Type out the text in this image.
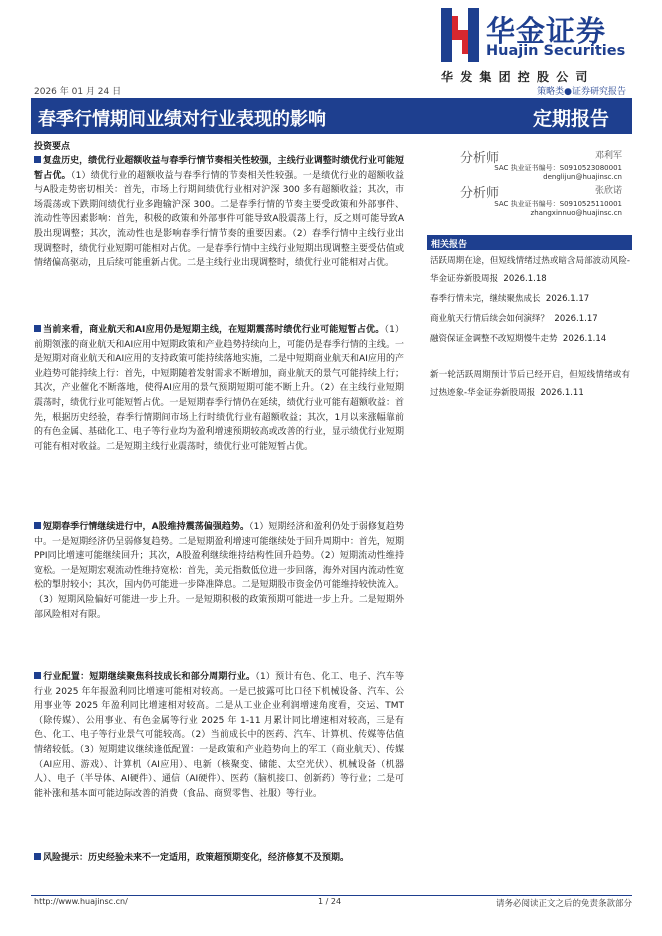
华金证券
Huajin Securities
华发集团控股公司
2026 年 01 月 24 日	策略类●证券研究报告
春季行情期间业绩对行业表现的影响	定期报告
投资要点
复盘历史，绩优行业超额收益与春季行情节奏相关性较强，主线行业调整时绩优行业可能短暂占优。（1）绩优行业的超额收益与春季行情的节奏相关性较强。一是绩优行业的超额收益与A股走势密切相关：首先，市场上行期间绩优行业相对沪深 300 多有超额收益；其次，市场震荡或下跌期间绩优行业多跑输沪深 300。二是春季行情的节奏主要受政策和外部事件、流动性等因素影响：首先，积极的政策和外部事件可能导致A股震荡上行，反之则可能导致A股出现调整；其次，流动性也是影响春季行情节奏的重要因素。（2）春季行情中主线行业出现调整时，绩优行业短期可能相对占优。一是春季行情中主线行业短期出现调整主要受估值或情绪偏高驱动，且后续可能重新占优。二是主线行业出现调整时，绩优行业可能相对占优。
当前来看，商业航天和AI应用仍是短期主线，在短期震荡时绩优行业可能短暂占优。（1）前期领涨的商业航天和AI应用中短期政策和产业趋势持续向上，可能仍是春季行情的主线。一是短期对商业航天和AI应用的支持政策可能持续落地实施，二是中短期商业航天和AI应用的产业趋势可能持续上行：首先，中短期随着发射需求不断增加，商业航天的景气可能持续上行；其次，产业催化不断落地，使得AI应用的景气预期短期可能不断上升。（2）在主线行业短期震荡时，绩优行业可能短暂占优。一是短期春季行情仍在延续，绩优行业可能有超额收益：首先，根据历史经验，春季行情期间市场上行时绩优行业有超额收益；其次，1月以来涨幅靠前的有色金属、基础化工、电子等行业均为盈利增速预期较高或改善的行业，显示绩优行业短期可能有相对收益。二是短期主线行业震荡时，绩优行业可能短暂占优。
短期春季行情继续进行中，A股维持震荡偏强趋势。（1）短期经济和盈利仍处于弱修复趋势中。一是短期经济仍呈弱修复趋势。二是短期盈利增速可能继续处于回升周期中：首先，短期PPI同比增速可能继续回升；其次，A股盈利继续维持结构性回升趋势。（2）短期流动性维持宽松。一是短期宏观流动性维持宽松：首先，美元指数低位进一步回落，海外对国内流动性宽松的掣肘较小；其次，国内仍可能进一步降准降息。二是短期股市资金仍可能维持较快流入。（3）短期风险偏好可能进一步上升。一是短期积极的政策预期可能进一步上升。二是短期外部风险相对有限。
行业配置：短期继续聚焦科技成长和部分周期行业。（1）预计有色、化工、电子、汽车等行业 2025 年年报盈利同比增速可能相对较高。一是已披露可比口径下机械设备、汽车、公用事业等 2025 年盈利同比增速相对较高。二是从工业企业利润增速角度看，交运、TMT（除传媒）、公用事业、有色金属等行业 2025 年 1-11 月累计同比增速相对较高，三是有色、化工、电子等行业景气可能较高。（2）当前成长中的医药、汽车、计算机、传媒等估值情绪较低。（3）短期建议继续逢低配置：一是政策和产业趋势向上的军工（商业航天）、传媒（AI应用、游戏）、计算机（AI应用）、电新（核聚变、储能、太空光伏）、机械设备（机器人）、电子（半导体、AI硬件）、通信（AI硬件）、医药（脑机接口、创新药）等行业；二是可能补涨和基本面可能边际改善的消费（食品、商贸零售、社服）等行业。
风险提示：历史经验未来不一定适用，政策超预期变化，经济修复不及预期。
分析师	邓利军
SAC 执业证书编号：S0910523080001
denglijun@huajinsc.cn
分析师	张欣诺
SAC 执业证书编号：S0910525110001
zhangxinnuo@huajinsc.cn
相关报告
活跃周期在途，但短线情绪过热或暗含局部波动风险-华金证券新股周报 2026.1.18
春季行情未完，继续聚焦成长 2026.1.17
商业航天行情后续会如何演绎？ 2026.1.17
融资保证金调整不改短期慢牛走势 2026.1.14
新一轮活跃周期预计节后已经开启，但短线情绪或有过热迹象-华金证券新股周报 2026.1.11
http://www.huajinsc.cn/	1 / 24	请务必阅读正文之后的免责条款部分
